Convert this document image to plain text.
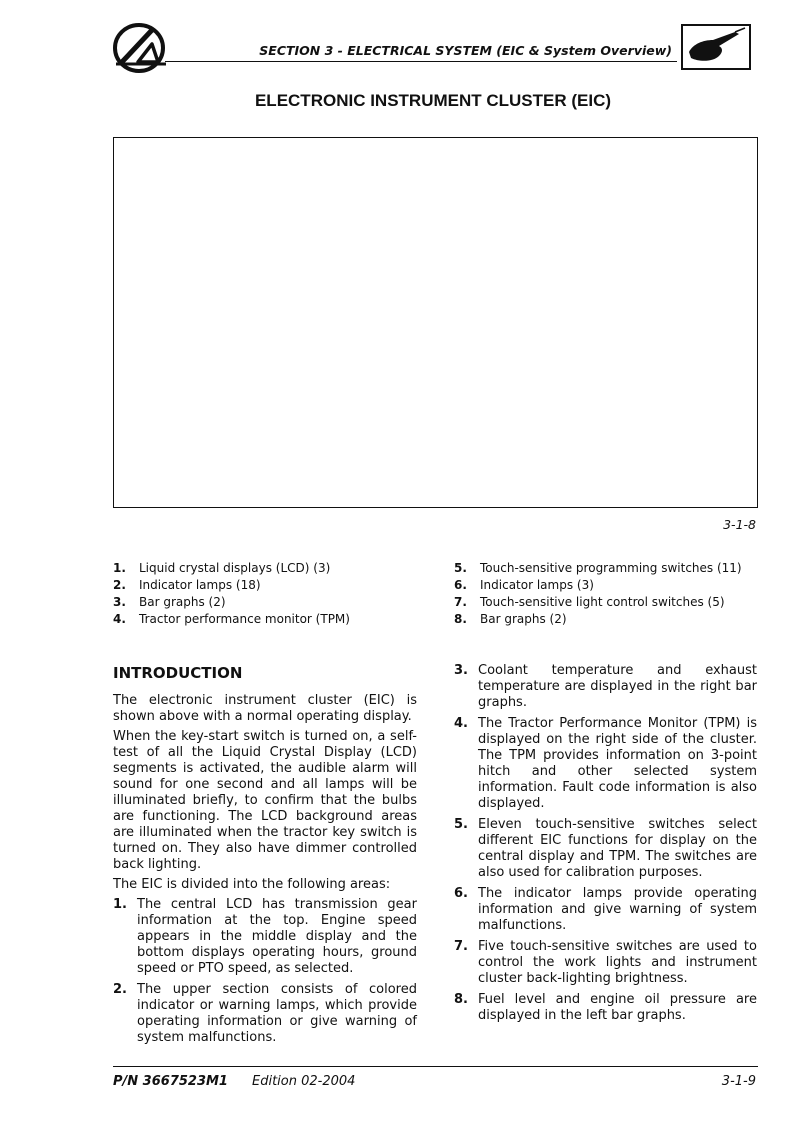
SECTION 3 - ELECTRICAL SYSTEM (EIC & System Overview)
ELECTRONIC INSTRUMENT CLUSTER (EIC)
3-1-8
1. Liquid crystal displays (LCD) (3)
2. Indicator lamps (18)
3. Bar graphs (2)
4. Tractor performance monitor (TPM)
5. Touch-sensitive programming switches (11)
6. Indicator lamps (3)
7. Touch-sensitive light control switches (5)
8. Bar graphs (2)
INTRODUCTION

The electronic instrument cluster (EIC) is shown above with a normal operating display.

When the key-start switch is turned on, a self-test of all the Liquid Crystal Display (LCD) segments is activated, the audible alarm will sound for one second and all lamps will be illuminated briefly, to confirm that the bulbs are functioning. The LCD background areas are illuminated when the tractor key switch is turned on. They also have dimmer controlled back lighting.

The EIC is divided into the following areas:

1. The central LCD has transmission gear information at the top. Engine speed appears in the middle display and the bottom displays operating hours, ground speed or PTO speed, as selected.
2. The upper section consists of colored indicator or warning lamps, which provide operating information or give warning of system malfunctions.
3. Coolant temperature and exhaust temperature are displayed in the right bar graphs.
4. The Tractor Performance Monitor (TPM) is displayed on the right side of the cluster. The TPM provides information on 3-point hitch and other selected system information. Fault code information is also displayed.
5. Eleven touch-sensitive switches select different EIC functions for display on the central display and TPM. The switches are also used for calibration purposes.
6. The indicator lamps provide operating information and give warning of system malfunctions.
7. Five touch-sensitive switches are used to control the work lights and instrument cluster back-lighting brightness.
8. Fuel level and engine oil pressure are displayed in the left bar graphs.
P/N 3667523M1 Edition 02-2004	3-1-9
